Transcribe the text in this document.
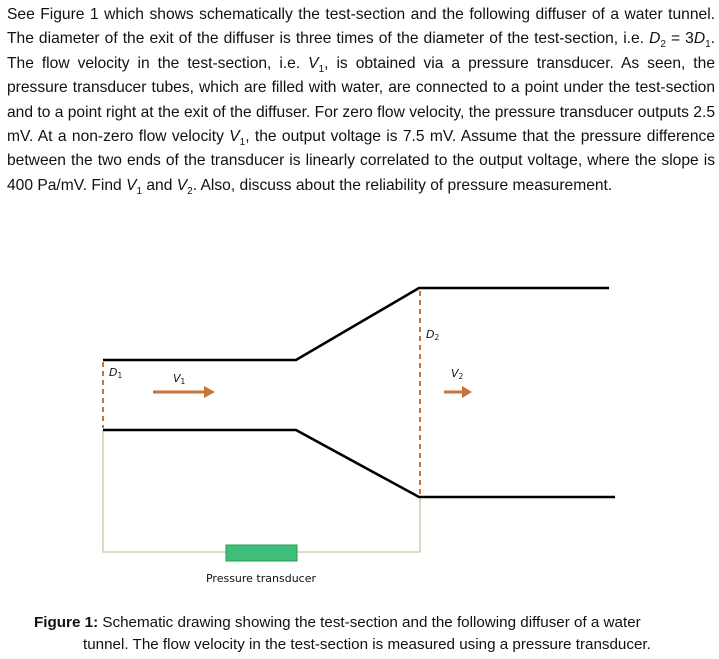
See Figure 1 which shows schematically the test-section and the following diffuser of a water tunnel. The diameter of the exit of the diffuser is three times of the diameter of the test-section, i.e. $D_2 = 3D_1$. The flow velocity in the test-section, i.e. $V_1$, is obtained via a pressure transducer. As seen, the pressure transducer tubes, which are filled with water, are connected to a point under the test-section and to a point right at the exit of the diffuser. For zero flow velocity, the pressure transducer outputs 2.5 mV. At a non-zero flow velocity $V_1$, the output voltage is 7.5 mV. Assume that the pressure difference between the two ends of the transducer is linearly correlated to the output voltage, where the slope is 400 Pa/mV. Find $V_1$ and $V_2$. Also, discuss about the reliability of pressure measurement.

D1	V1
D2
V2
Pressure transducer

Figure 1: Schematic drawing showing the test-section and the following diffuser of a water
tunnel. The flow velocity in the test-section is measured using a pressure transducer.
